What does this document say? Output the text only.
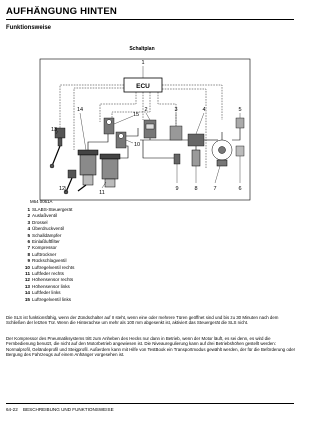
AUFHÄNGUNG HINTEN
Funktionsweise
Schaltplan
ECU
1
2	3	4	5
6
7
8
9
10
11
12
13
14
15
M64 0061A
1 SLABS-Steuergerät
2 Auslaßventil
3 Drossel
4 Überdruckventil
5 Schalldämpfer
6 Einlaßluftfilter
7 Kompressor
8 Lufttrockner
9 Rückschlagventil
10 Luftregelventil rechts
11 Luftfeder rechts
12 Höhensensor rechts
13 Höhensensor links
14 Luftfeder links
15 Luftregelventil links

Die SLS ist funktionsfähig, wenn der Zündschalter auf II steht, wenn eine oder mehrere Türen geöffnet sind und bis zu 30 Minuten nach dem Schließen der letzten Tür. Wenn die Hinterachse um mehr als 100 mm abgesenkt ist, aktiviert das Steuergerät die SLS nicht.

Der Kompressor des Pneumatiksystems tritt zum Anheben des Hecks nur dann in Betrieb, wenn der Motor läuft, es sei denn, es wird die Fernbedienung benutzt, die nicht auf den Motorbetrieb angewiesen ist. Die Niveauregulierung kann auf drei Betriebshöhen gestellt werden: Normalprofil, Geländeprofil und Steigprofil. Außerdem kann mit Hilfe von TestBook ein Transportmodus gewählt werden, der für die Beförderung oder Bergung des Fahrzeugs auf einem Anhänger vorgesehen ist.

64-22 BESCHREIBUNG UND FUNKTIONSWEISE
